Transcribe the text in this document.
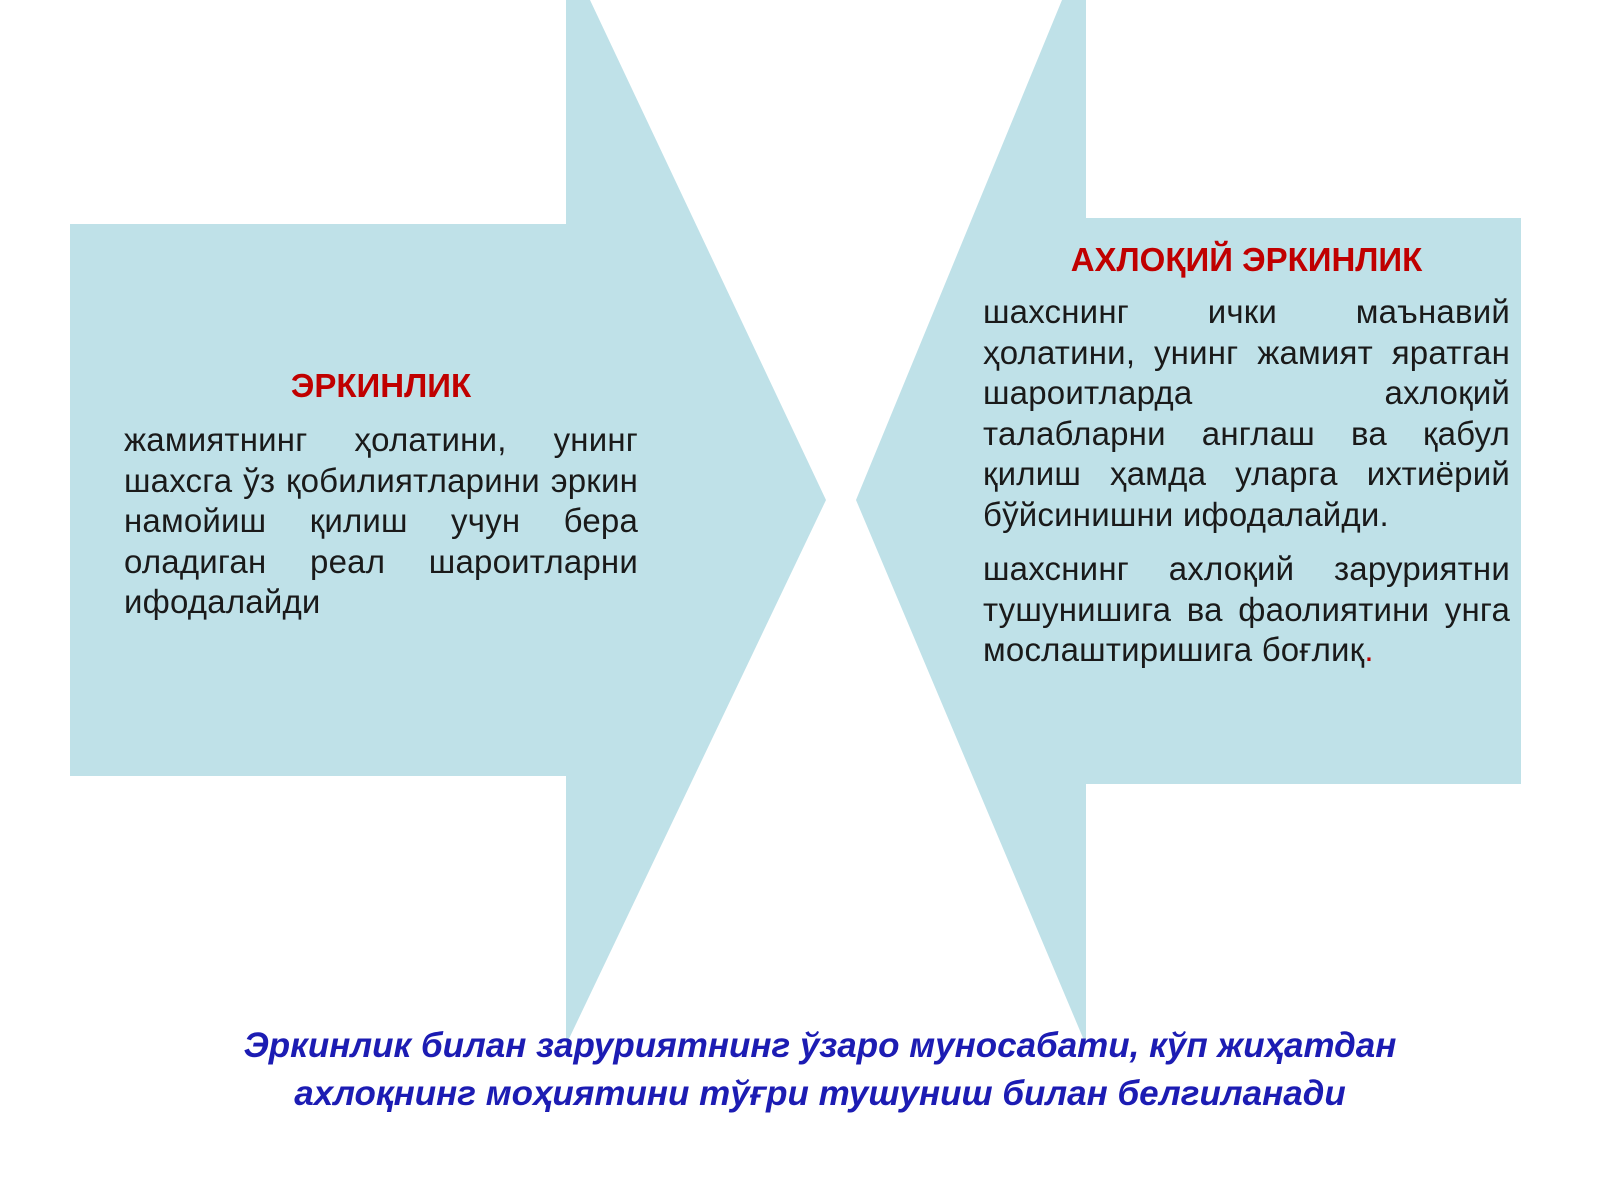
ЭРКИНЛИК
жамиятнинг ҳолатини, унинг шахсга ўз қобилиятларини эркин намойиш қилиш учун бера оладиган реал шароитларни ифодалайди
АХЛОҚИЙ ЭРКИНЛИК
шахснинг ички маънавий ҳолатини, унинг жамият яратган шароитларда ахлоқий талабларни англаш ва қабул қилиш ҳамда уларга ихтиёрий бўйсинишни ифодалайди.
шахснинг ахлоқий заруриятни тушунишига ва фаолиятини унга мослаштиришига боғлиқ.
Эркинлик билан заруриятнинг ўзаро муносабати, кўп жиҳатдан
ахлоқнинг моҳиятини тўғри тушуниш билан белгиланади
